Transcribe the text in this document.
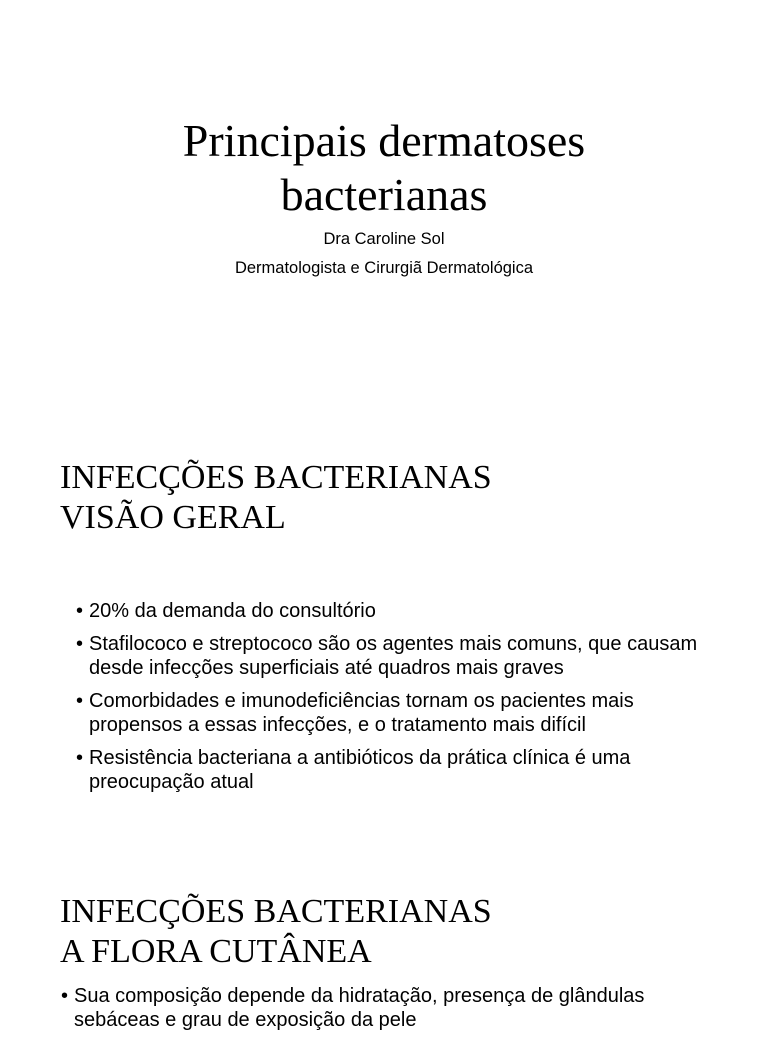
Principais dermatoses
bacterianas

Dra Caroline Sol

Dermatologista e Cirurgiã Dermatológica

INFECÇÕES BACTERIANAS
VISÃO GERAL
• 20% da demanda do consultório
• Stafilococo e streptococo são os agentes mais comuns, que causam desde infecções superficiais até quadros mais graves
• Comorbidades e imunodeficiências tornam os pacientes mais propensos a essas infecções, e o tratamento mais difícil
• Resistência bacteriana a antibióticos da prática clínica é uma preocupação atual
INFECÇÕES BACTERIANAS
A FLORA CUTÂNEA
• Sua composição depende da hidratação, presença de glândulas sebáceas e grau de exposição da pele
